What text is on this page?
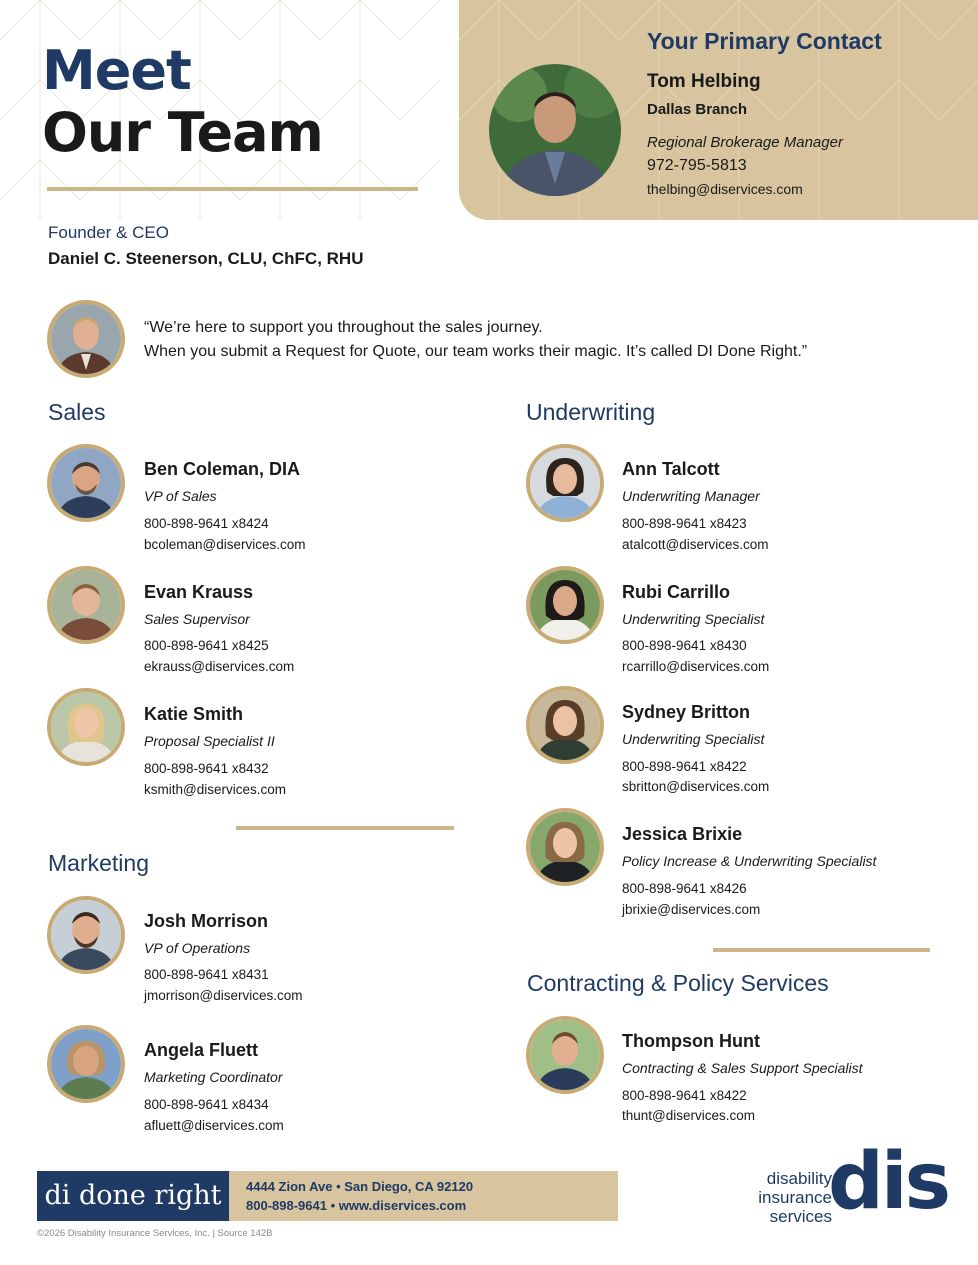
Meet
Our Team
Your Primary Contact
Tom Helbing
Dallas Branch
Regional Brokerage Manager
972-795-5813
thelbing@diservices.com
Founder & CEO
Daniel C. Steenerson, CLU, ChFC, RHU
“We’re here to support you throughout the sales journey.
When you submit a Request for Quote, our team works their magic. It’s called DI Done Right.”
Sales
Ben Coleman, DIA
VP of Sales
800-898-9641 x8424
bcoleman@diservices.com
Evan Krauss
Sales Supervisor
800-898-9641 x8425
ekrauss@diservices.com
Katie Smith
Proposal Specialist II
800-898-9641 x8432
ksmith@diservices.com
Marketing
Josh Morrison
VP of Operations
800-898-9641 x8431
jmorrison@diservices.com
Angela Fluett
Marketing Coordinator
800-898-9641 x8434
afluett@diservices.com
Underwriting
Ann Talcott
Underwriting Manager
800-898-9641 x8423
atalcott@diservices.com
Rubi Carrillo
Underwriting Specialist
800-898-9641 x8430
rcarrillo@diservices.com
Sydney Britton
Underwriting Specialist
800-898-9641 x8422
sbritton@diservices.com
Jessica Brixie
Policy Increase & Underwriting Specialist
800-898-9641 x8426
jbrixie@diservices.com
Contracting & Policy Services
Thompson Hunt
Contracting & Sales Support Specialist
800-898-9641 x8422
thunt@diservices.com
di done right	4444 Zion Ave • San Diego, CA 92120
800-898-9641 • www.diservices.com
©2026 Disability Insurance Services, Inc. | Source 142B
disability
insurance
services
dis
